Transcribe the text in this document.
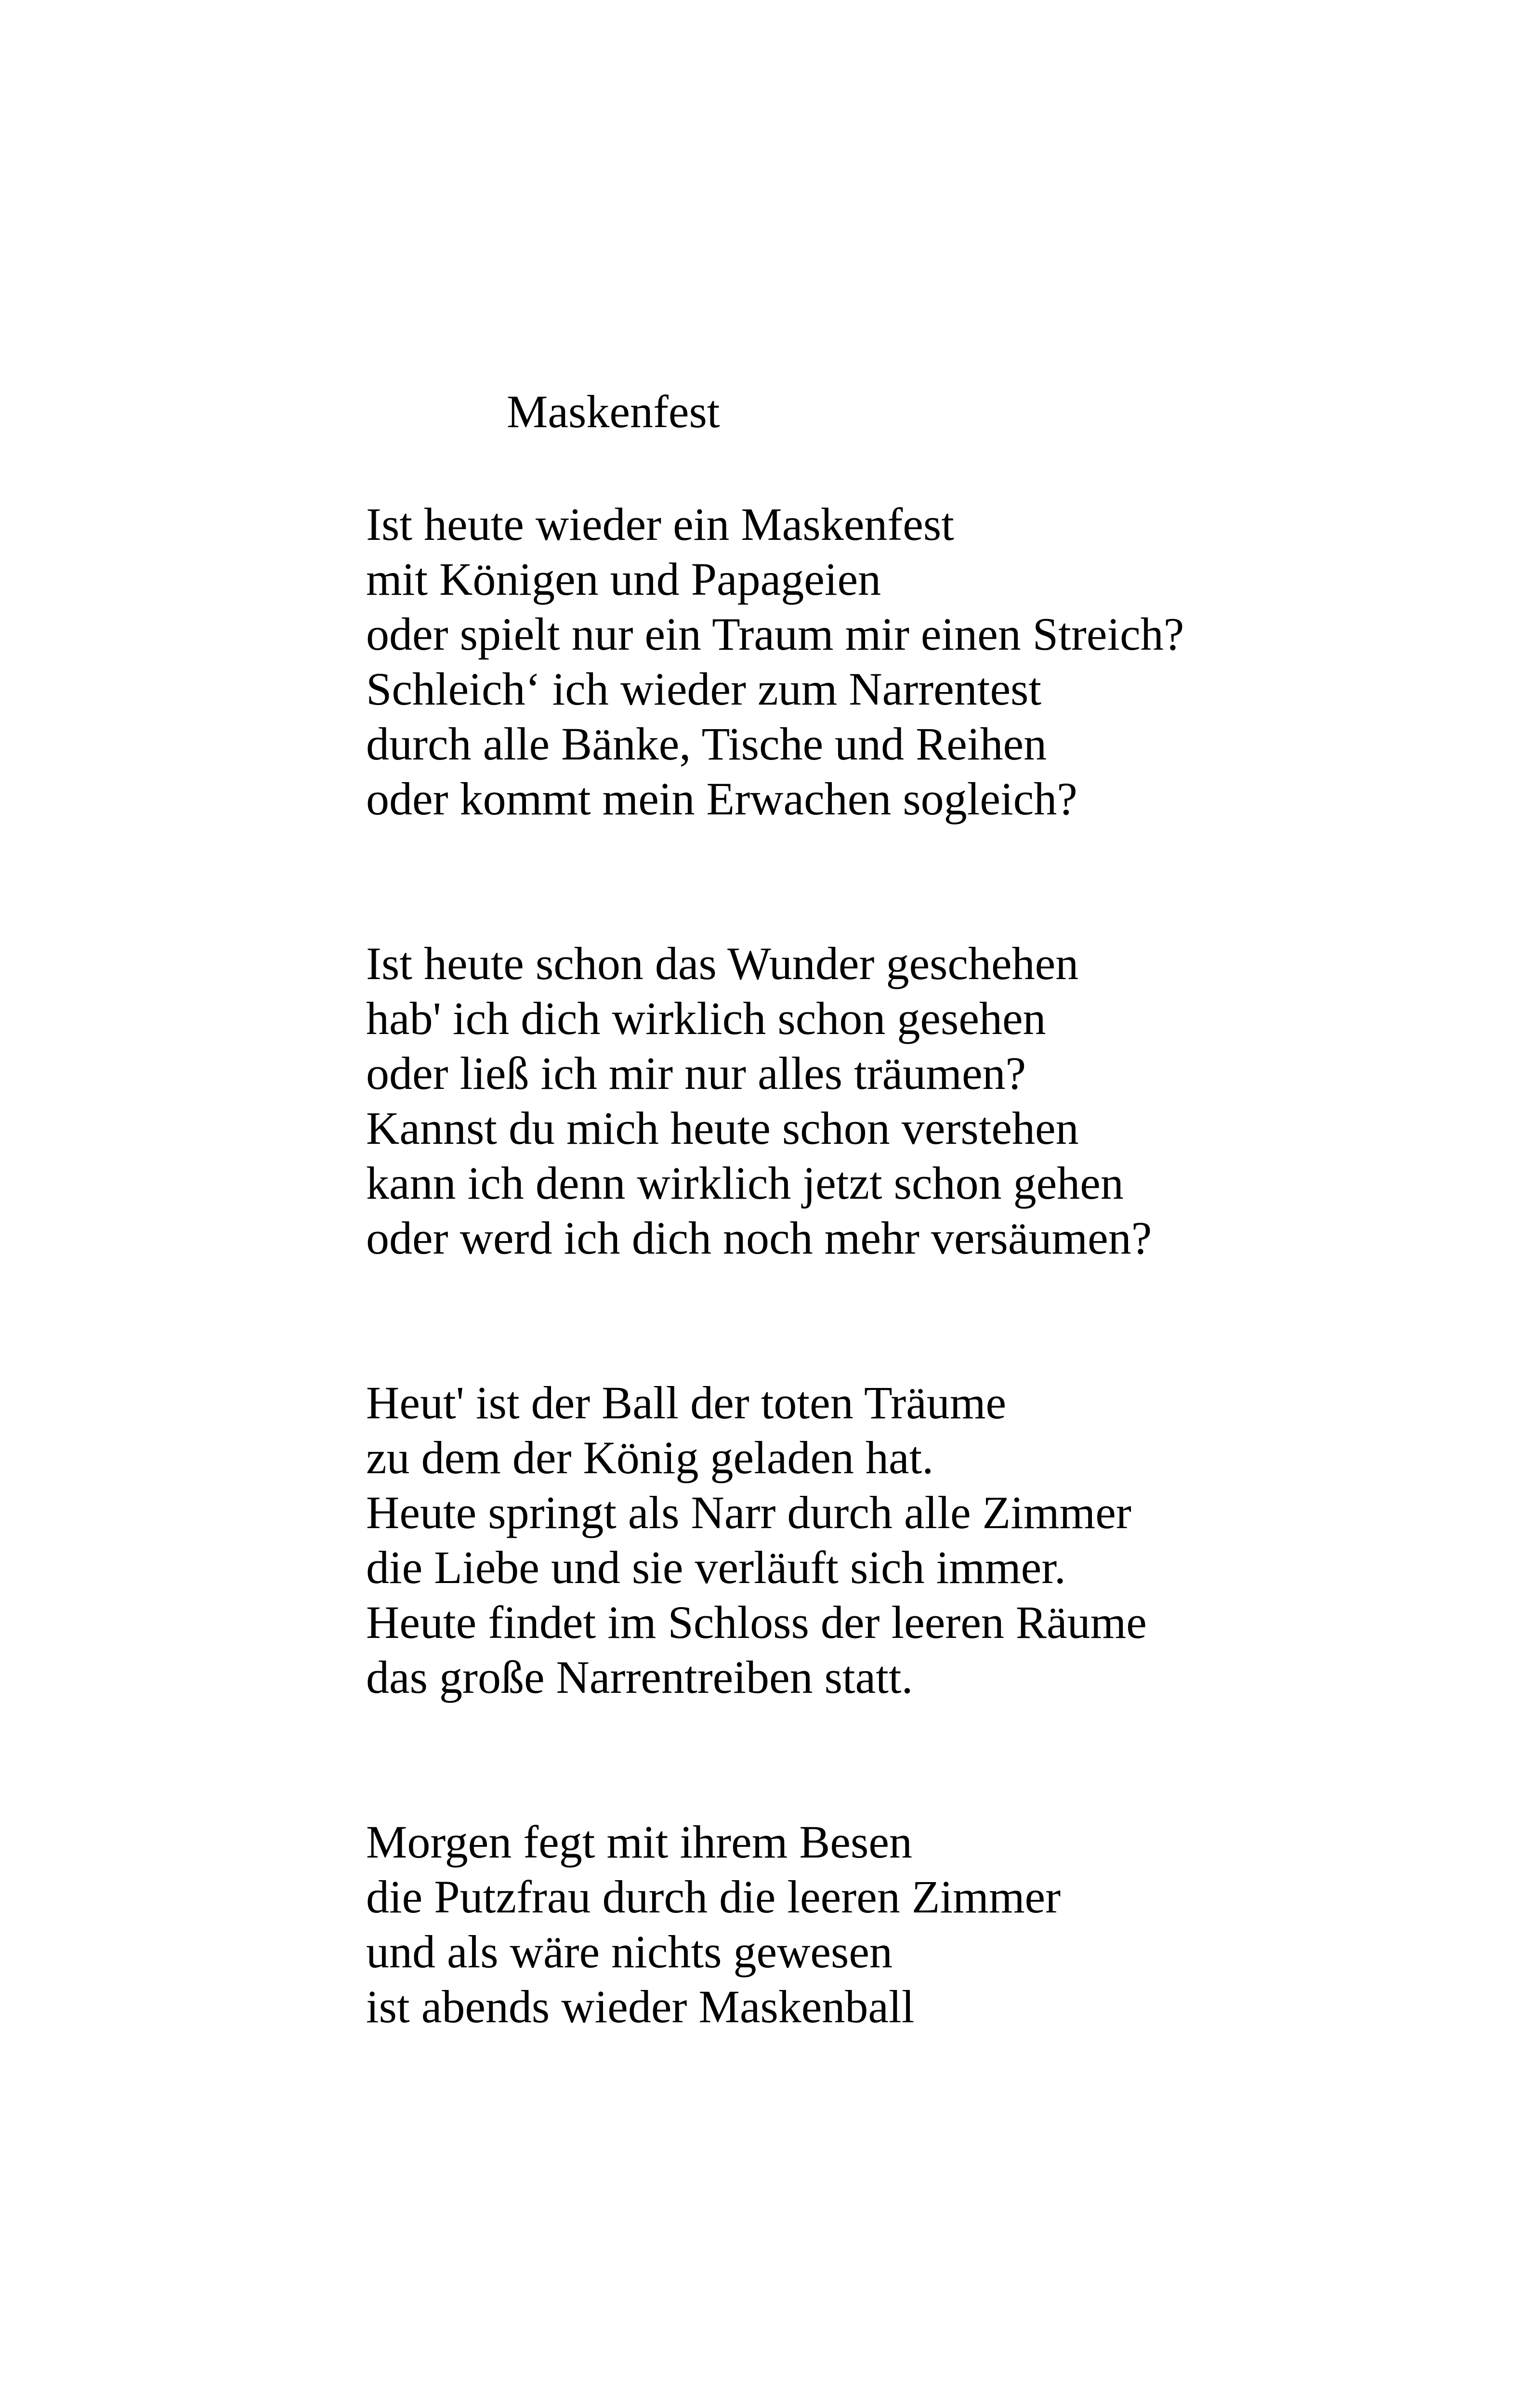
Maskenfest
Ist heute wieder ein Maskenfest
mit Königen und Papageien
oder spielt nur ein Traum mir einen Streich?
Schleich‘ ich wieder zum Narrentest
durch alle Bänke, Tische und Reihen
oder kommt mein Erwachen sogleich?
Ist heute schon das Wunder geschehen
hab' ich dich wirklich schon gesehen
oder ließ ich mir nur alles träumen?
Kannst du mich heute schon verstehen
kann ich denn wirklich jetzt schon gehen
oder werd ich dich noch mehr versäumen?
Heut' ist der Ball der toten Träume
zu dem der König geladen hat.
Heute springt als Narr durch alle Zimmer
die Liebe und sie verläuft sich immer.
Heute findet im Schloss der leeren Räume
das große Narrentreiben statt.
Morgen fegt mit ihrem Besen
die Putzfrau durch die leeren Zimmer
und als wäre nichts gewesen
ist abends wieder Maskenball
